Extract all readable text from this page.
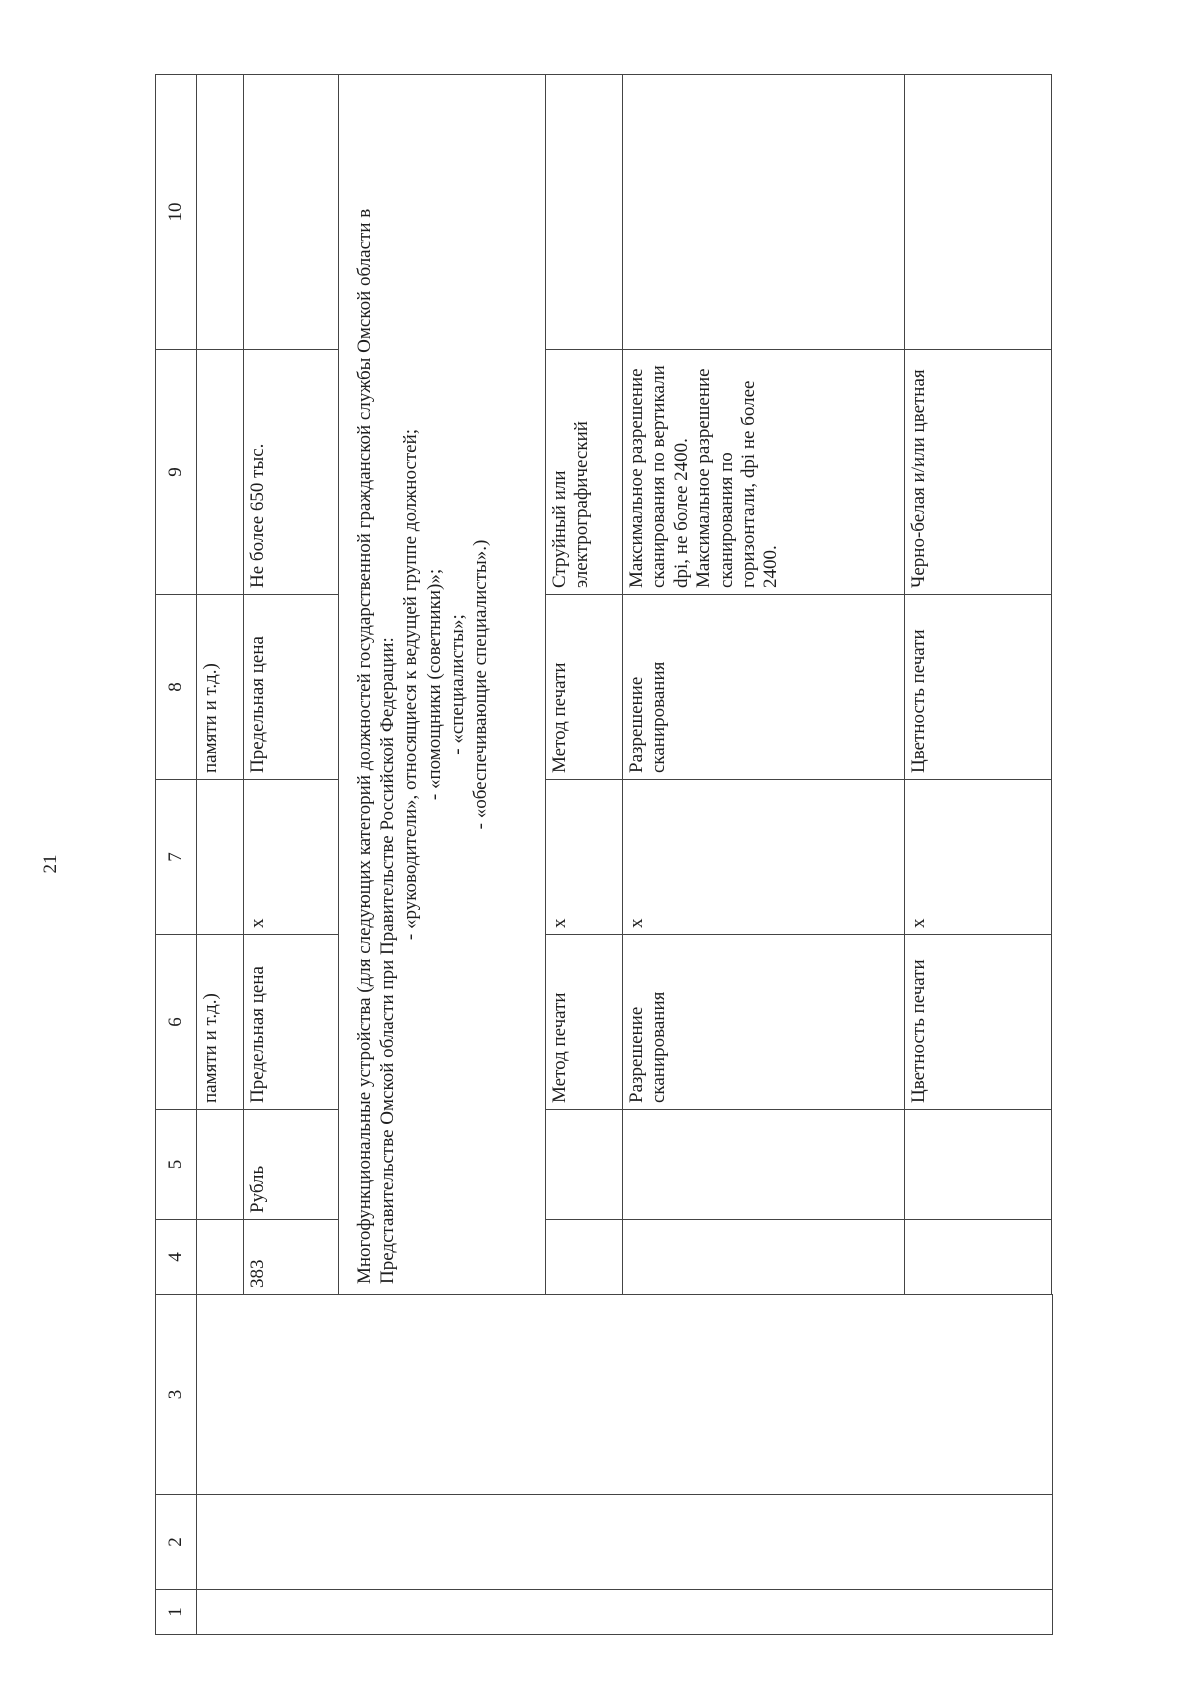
21
1	2	3	4	5	6	7	8	9	10
					памяти и т.д.)		памяти и т.д.)		
			383	Рубль	Предельная цена	х	Предельная цена	Не более 650 тыс.	

			Многофункциональные устройства (для следующих категорий должностей государственной гражданской службы Омской области в Представительстве Омской области при Правительстве Российской Федерации: - «руководители», относящиеся к ведущей группе должностей; - «помощники (советники)»; - «специалисты»; - «обеспечивающие специалисты».)						

					Метод печати	х	Метод печати	Струйный или электрографический	
					Разрешение сканирования	х	Разрешение сканирования	Максимальное разрешение сканирования по вертикали dpi, не более 2400. Максимальное разрешение сканирования по горизонтали, dpi не более 2400.	
					Цветность печати	х	Цветность печати	Черно-белая и/или цветная	
